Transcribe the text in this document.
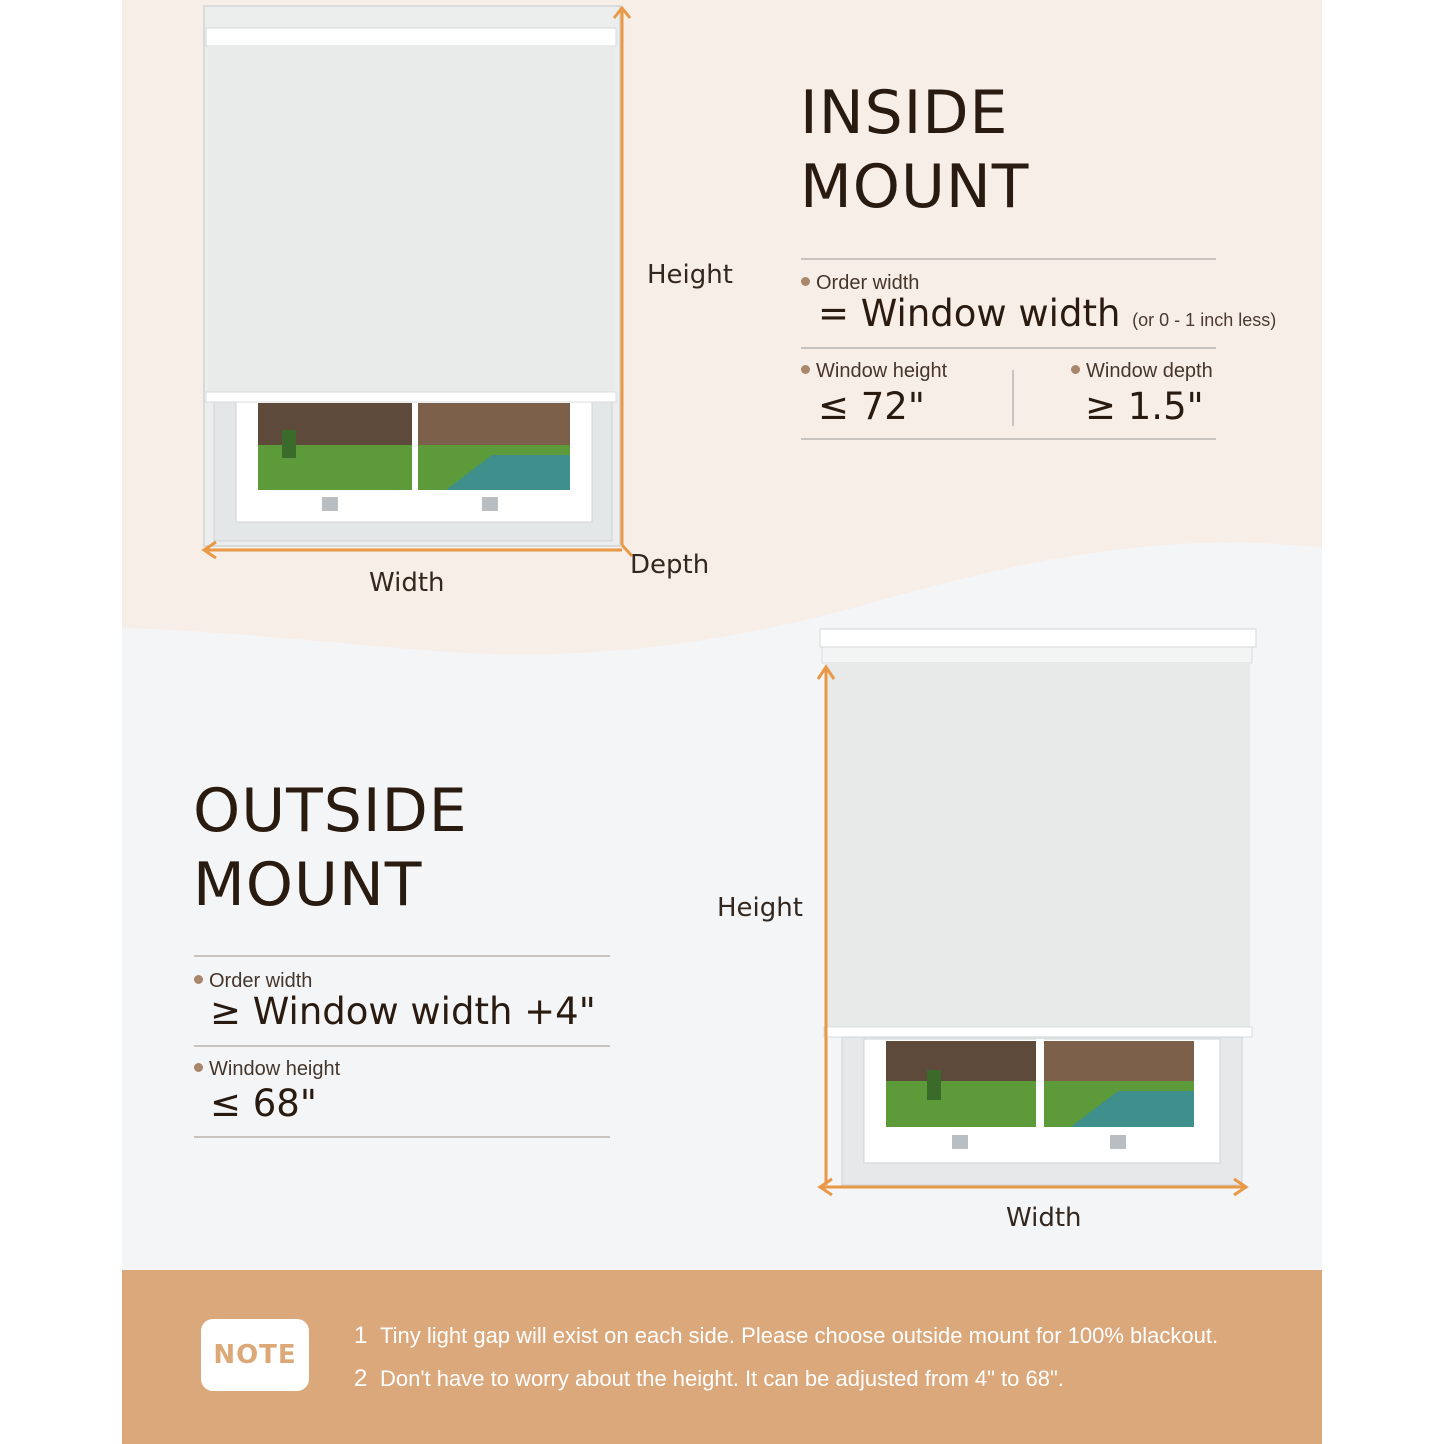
Height
Width
Depth
INSIDE
MOUNT
Order width
= Window width (or 0 - 1 inch less)
Window height
≤ 72"
Window depth
≥ 1.5"
OUTSIDE
MOUNT
Order width
≥ Window width +4"
Window height
≤ 68"
Height
Width
NOTE
1 Tiny light gap will exist on each side. Please choose outside mount for 100% blackout.
2 Don't have to worry about the height. It can be adjusted from 4" to 68".
